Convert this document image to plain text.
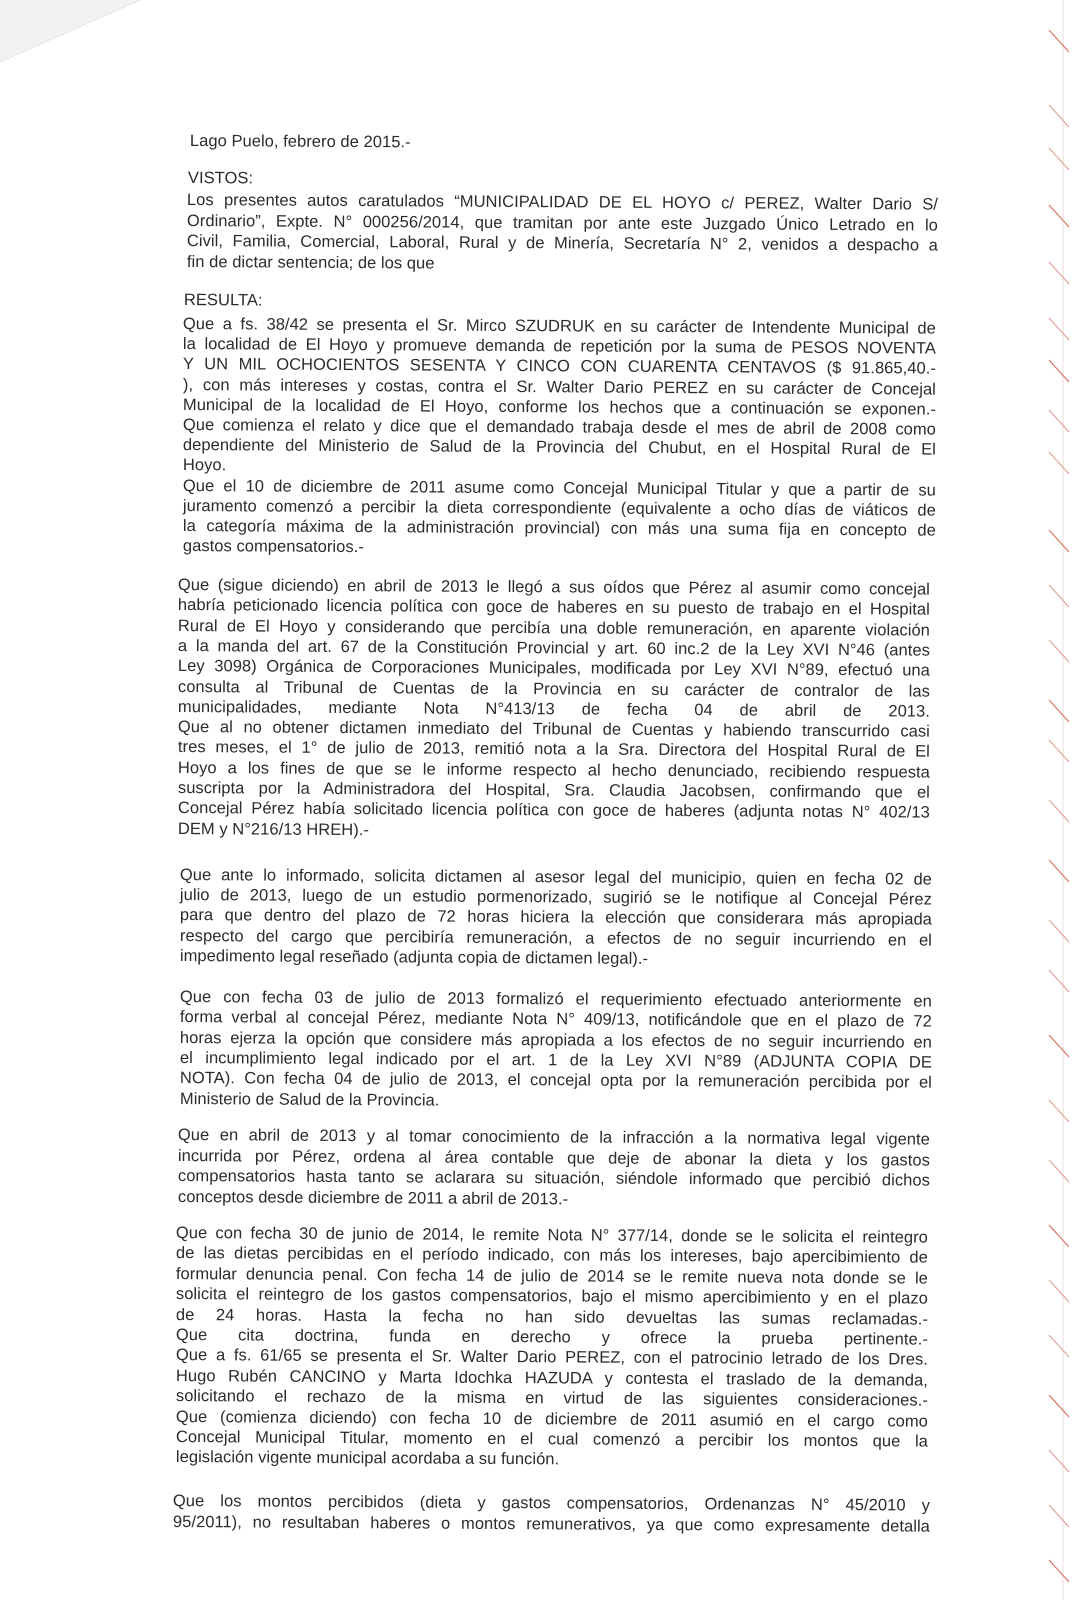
Lago Puelo, febrero de 2015.-

VISTOS:

Los presentes autos caratulados “MUNICIPALIDAD DE EL HOYO c/ PEREZ, Walter Dario S/

Ordinario”, Expte. N° 000256/2014, que tramitan por ante este Juzgado Único Letrado en lo

Civil, Familia, Comercial, Laboral, Rural y de Minería, Secretaría N° 2, venidos a despacho a

fin de dictar sentencia; de los que

RESULTA:

Que a fs. 38/42 se presenta el Sr. Mirco SZUDRUK en su carácter de Intendente Municipal de

la localidad de El Hoyo y promueve demanda de repetición por la suma de PESOS NOVENTA

Y UN MIL OCHOCIENTOS SESENTA Y CINCO CON CUARENTA CENTAVOS ($ 91.865,40.-

), con más intereses y costas, contra el Sr. Walter Dario PEREZ en su carácter de Concejal

Municipal de la localidad de El Hoyo, conforme los hechos que a continuación se exponen.-

Que comienza el relato y dice que el demandado trabaja desde el mes de abril de 2008 como

dependiente del Ministerio de Salud de la Provincia del Chubut, en el Hospital Rural de El

Hoyo.

Que el 10 de diciembre de 2011 asume como Concejal Municipal Titular y que a partir de su

juramento comenzó a percibir la dieta correspondiente (equivalente a ocho días de viáticos de

la categoría máxima de la administración provincial) con más una suma fija en concepto de

gastos compensatorios.-

Que (sigue diciendo) en abril de 2013 le llegó a sus oídos que Pérez al asumir como concejal

habría peticionado licencia política con goce de haberes en su puesto de trabajo en el Hospital

Rural de El Hoyo y considerando que percibía una doble remuneración, en aparente violación

a la manda del art. 67 de la Constitución Provincial y art. 60 inc.2 de la Ley XVI N°46 (antes

Ley 3098) Orgánica de Corporaciones Municipales, modificada por Ley XVI N°89, efectuó una

consulta al Tribunal de Cuentas de la Provincia en su carácter de contralor de las

municipalidades, mediante Nota N°413/13 de fecha 04 de abril de 2013.

Que al no obtener dictamen inmediato del Tribunal de Cuentas y habiendo transcurrido casi

tres meses, el 1° de julio de 2013, remitió nota a la Sra. Directora del Hospital Rural de El

Hoyo a los fines de que se le informe respecto al hecho denunciado, recibiendo respuesta

suscripta por la Administradora del Hospital, Sra. Claudia Jacobsen, confirmando que el

Concejal Pérez había solicitado licencia política con goce de haberes (adjunta notas N° 402/13

DEM y N°216/13 HREH).-

Que ante lo informado, solicita dictamen al asesor legal del municipio, quien en fecha 02 de

julio de 2013, luego de un estudio pormenorizado, sugirió se le notifique al Concejal Pérez

para que dentro del plazo de 72 horas hiciera la elección que considerara más apropiada

respecto del cargo que percibiría remuneración, a efectos de no seguir incurriendo en el

impedimento legal reseñado (adjunta copia de dictamen legal).-

Que con fecha 03 de julio de 2013 formalizó el requerimiento efectuado anteriormente en

forma verbal al concejal Pérez, mediante Nota N° 409/13, notificándole que en el plazo de 72

horas ejerza la opción que considere más apropiada a los efectos de no seguir incurriendo en

el incumplimiento legal indicado por el art. 1 de la Ley XVI N°89 (ADJUNTA COPIA DE

NOTA). Con fecha 04 de julio de 2013, el concejal opta por la remuneración percibida por el

Ministerio de Salud de la Provincia.

Que en abril de 2013 y al tomar conocimiento de la infracción a la normativa legal vigente

incurrida por Pérez, ordena al área contable que deje de abonar la dieta y los gastos

compensatorios hasta tanto se aclarara su situación, siéndole informado que percibió dichos

conceptos desde diciembre de 2011 a abril de 2013.-

Que con fecha 30 de junio de 2014, le remite Nota N° 377/14, donde se le solicita el reintegro

de las dietas percibidas en el período indicado, con más los intereses, bajo apercibimiento de

formular denuncia penal. Con fecha 14 de julio de 2014 se le remite nueva nota donde se le

solicita el reintegro de los gastos compensatorios, bajo el mismo apercibimiento y en el plazo

de 24 horas. Hasta la fecha no han sido devueltas las sumas reclamadas.-

Que cita doctrina, funda en derecho y ofrece la prueba pertinente.-

Que a fs. 61/65 se presenta el Sr. Walter Dario PEREZ, con el patrocinio letrado de los Dres.

Hugo Rubén CANCINO y Marta Idochka HAZUDA y contesta el traslado de la demanda,

solicitando el rechazo de la misma en virtud de las siguientes consideraciones.-

Que (comienza diciendo) con fecha 10 de diciembre de 2011 asumió en el cargo como

Concejal Municipal Titular, momento en el cual comenzó a percibir los montos que la

legislación vigente municipal acordaba a su función.

Que los montos percibidos (dieta y gastos compensatorios, Ordenanzas N° 45/2010 y

95/2011), no resultaban haberes o montos remunerativos, ya que como expresamente detalla
